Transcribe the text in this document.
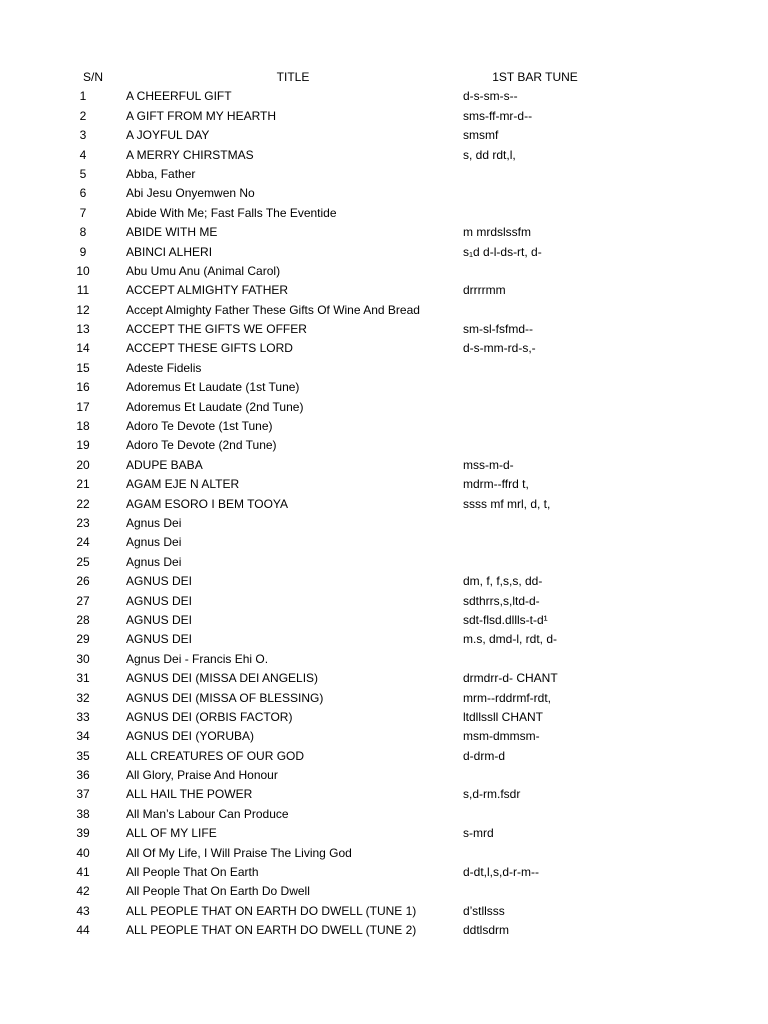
S/N	TITLE	1ST BAR TUNE
1	A CHEERFUL GIFT	d-s-sm-s--
2	A GIFT FROM MY HEARTH	sms-ff-mr-d--
3	A JOYFUL DAY	smsmf
4	A MERRY CHIRSTMAS	s, dd rdt,l,
5	Abba, Father
6	Abi Jesu Onyemwen No
7	Abide With Me; Fast Falls The Eventide
8	ABIDE WITH ME	m mrdslssfm
9	ABINCI ALHERI	s₁d d-l-ds-rt, d-
10	Abu Umu Anu (Animal Carol)
11	ACCEPT ALMIGHTY FATHER	drrrrmm
12	Accept Almighty Father These Gifts Of Wine And Bread
13	ACCEPT THE GIFTS WE OFFER	sm-sl-fsfmd--
14	ACCEPT THESE GIFTS LORD	d-s-mm-rd-s,-
15	Adeste Fidelis
16	Adoremus Et Laudate (1st Tune)
17	Adoremus Et Laudate (2nd Tune)
18	Adoro Te Devote (1st Tune)
19	Adoro Te Devote (2nd Tune)
20	ADUPE BABA	mss-m-d-
21	AGAM EJE N ALTER	mdrm--ffrd t,
22	AGAM ESORO I BEM TOOYA	ssss mf mrl, d, t,
23	Agnus Dei
24	Agnus Dei
25	Agnus Dei
26	AGNUS DEI	dm, f, f,s,s, dd-
27	AGNUS DEI	sdthrrs,s,ltd-d-
28	AGNUS DEI	sdt-flsd.dllls-t-d¹
29	AGNUS DEI	m.s, dmd-l, rdt, d-
30	Agnus Dei - Francis Ehi O.
31	AGNUS DEI (MISSA DEI ANGELIS)	drmdrr-d- CHANT
32	AGNUS DEI (MISSA OF BLESSING)	mrm--rddrmf-rdt,
33	AGNUS DEI (ORBIS FACTOR)	ltdllssll CHANT
34	AGNUS DEI (YORUBA)	msm-dmmsm-
35	ALL CREATURES OF OUR GOD	d-drm-d
36	All Glory, Praise And Honour
37	ALL HAIL THE POWER	s,d-rm.fsdr
38	All Man’s Labour Can Produce
39	ALL OF MY LIFE	s-mrd
40	All Of My Life, I Will Praise The Living God
41	All People That On Earth	d-dt,l,s,d-r-m--
42	All People That On Earth Do Dwell
43	ALL PEOPLE THAT ON EARTH DO DWELL (TUNE 1)	d’stllsss
44	ALL PEOPLE THAT ON EARTH DO DWELL (TUNE 2)	ddtlsdrm
